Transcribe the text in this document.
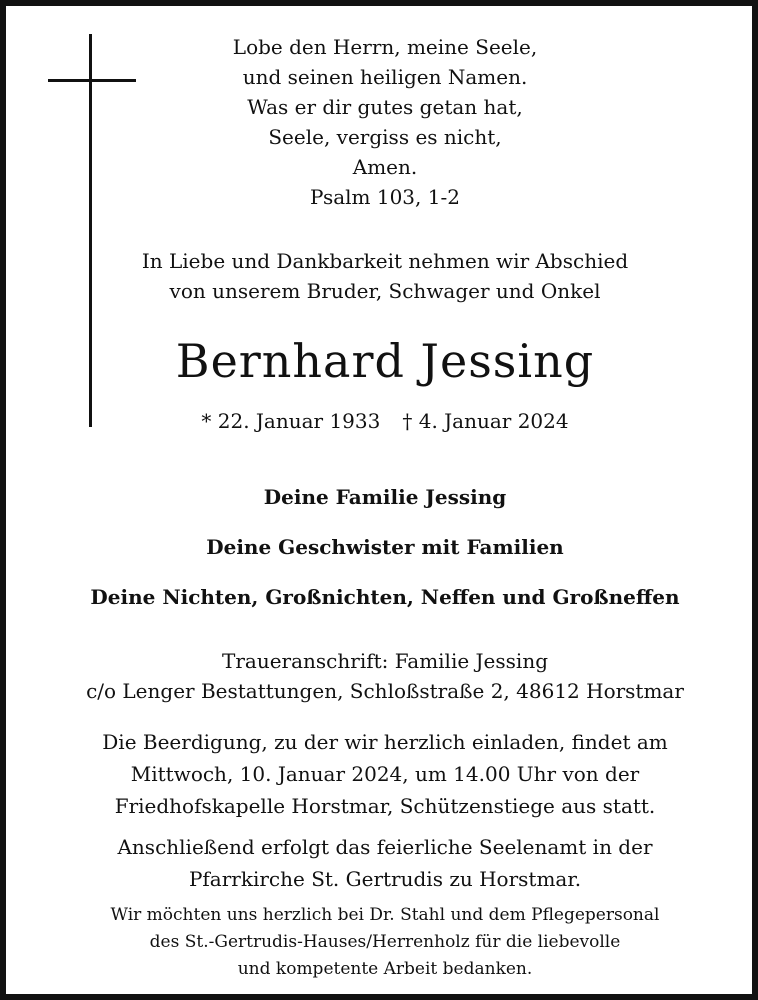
Lobe den Herrn, meine Seele,
und seinen heiligen Namen.
Was er dir gutes getan hat,
Seele, vergiss es nicht,
Amen.
Psalm 103, 1-2
In Liebe und Dankbarkeit nehmen wir Abschied
von unserem Bruder, Schwager und Onkel
Bernhard Jessing
* 22. Januar 1933 † 4. Januar 2024
Deine Familie Jessing
Deine Geschwister mit Familien
Deine Nichten, Großnichten, Neffen und Großneffen
Traueranschrift: Familie Jessing
c/o Lenger Bestattungen, Schloßstraße 2, 48612 Horstmar
Die Beerdigung, zu der wir herzlich einladen, findet am
Mittwoch, 10. Januar 2024, um 14.00 Uhr von der
Friedhofskapelle Horstmar, Schützenstiege aus statt.
Anschließend erfolgt das feierliche Seelenamt in der
Pfarrkirche St. Gertrudis zu Horstmar.
Wir möchten uns herzlich bei Dr. Stahl und dem Pflegepersonal
des St.-Gertrudis-Hauses/Herrenholz für die liebevolle
und kompetente Arbeit bedanken.
